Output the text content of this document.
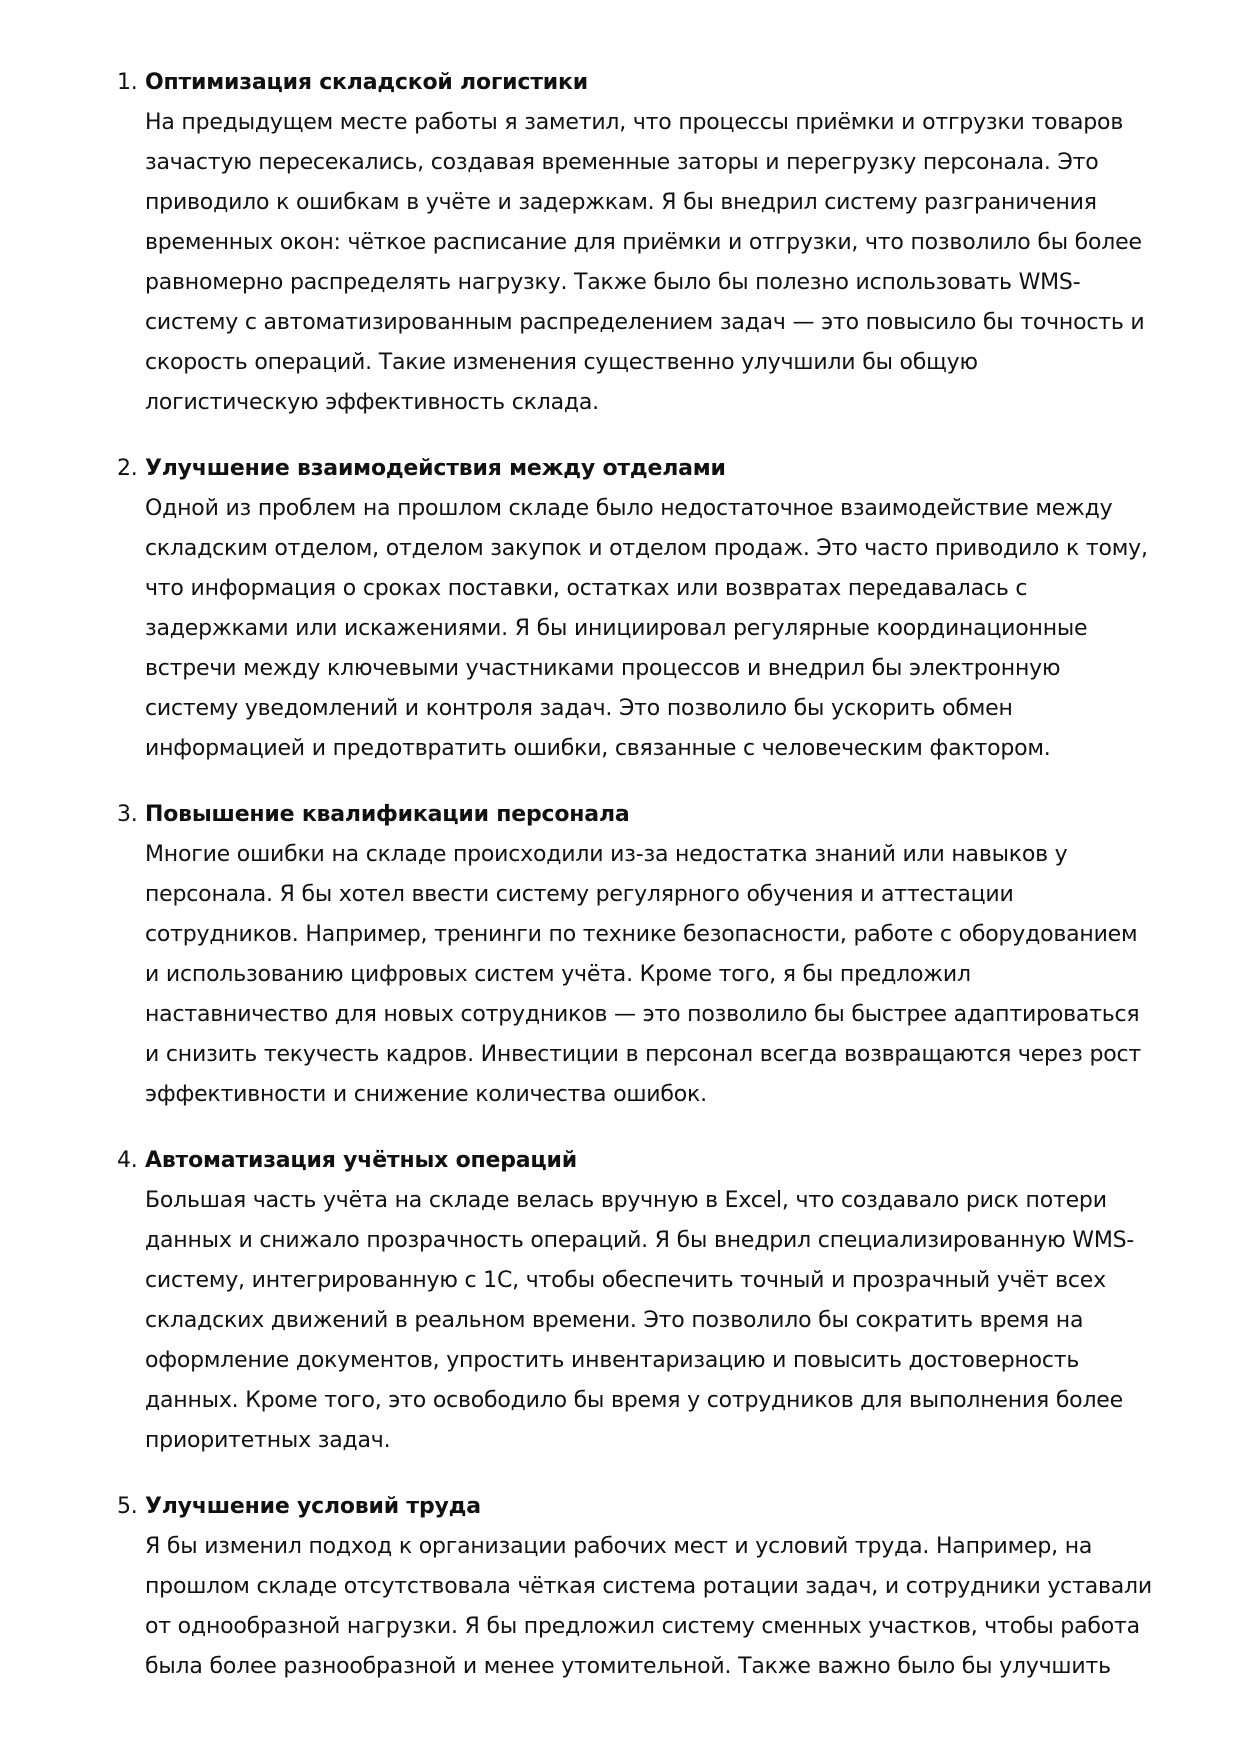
1. Оптимизация складской логистики
На предыдущем месте работы я заметил, что процессы приёмки и отгрузки товаров
зачастую пересекались, создавая временные заторы и перегрузку персонала. Это
приводило к ошибкам в учёте и задержкам. Я бы внедрил систему разграничения
временных окон: чёткое расписание для приёмки и отгрузки, что позволило бы более
равномерно распределять нагрузку. Также было бы полезно использовать WMS-
систему с автоматизированным распределением задач — это повысило бы точность и
скорость операций. Такие изменения существенно улучшили бы общую
логистическую эффективность склада.
2. Улучшение взаимодействия между отделами
Одной из проблем на прошлом складе было недостаточное взаимодействие между
складским отделом, отделом закупок и отделом продаж. Это часто приводило к тому,
что информация о сроках поставки, остатках или возвратах передавалась с
задержками или искажениями. Я бы инициировал регулярные координационные
встречи между ключевыми участниками процессов и внедрил бы электронную
систему уведомлений и контроля задач. Это позволило бы ускорить обмен
информацией и предотвратить ошибки, связанные с человеческим фактором.
3. Повышение квалификации персонала
Многие ошибки на складе происходили из-за недостатка знаний или навыков у
персонала. Я бы хотел ввести систему регулярного обучения и аттестации
сотрудников. Например, тренинги по технике безопасности, работе с оборудованием
и использованию цифровых систем учёта. Кроме того, я бы предложил
наставничество для новых сотрудников — это позволило бы быстрее адаптироваться
и снизить текучесть кадров. Инвестиции в персонал всегда возвращаются через рост
эффективности и снижение количества ошибок.
4. Автоматизация учётных операций
Большая часть учёта на складе велась вручную в Excel, что создавало риск потери
данных и снижало прозрачность операций. Я бы внедрил специализированную WMS-
систему, интегрированную с 1С, чтобы обеспечить точный и прозрачный учёт всех
складских движений в реальном времени. Это позволило бы сократить время на
оформление документов, упростить инвентаризацию и повысить достоверность
данных. Кроме того, это освободило бы время у сотрудников для выполнения более
приоритетных задач.
5. Улучшение условий труда
Я бы изменил подход к организации рабочих мест и условий труда. Например, на
прошлом складе отсутствовала чёткая система ротации задач, и сотрудники уставали
от однообразной нагрузки. Я бы предложил систему сменных участков, чтобы работа
была более разнообразной и менее утомительной. Также важно было бы улучшить
